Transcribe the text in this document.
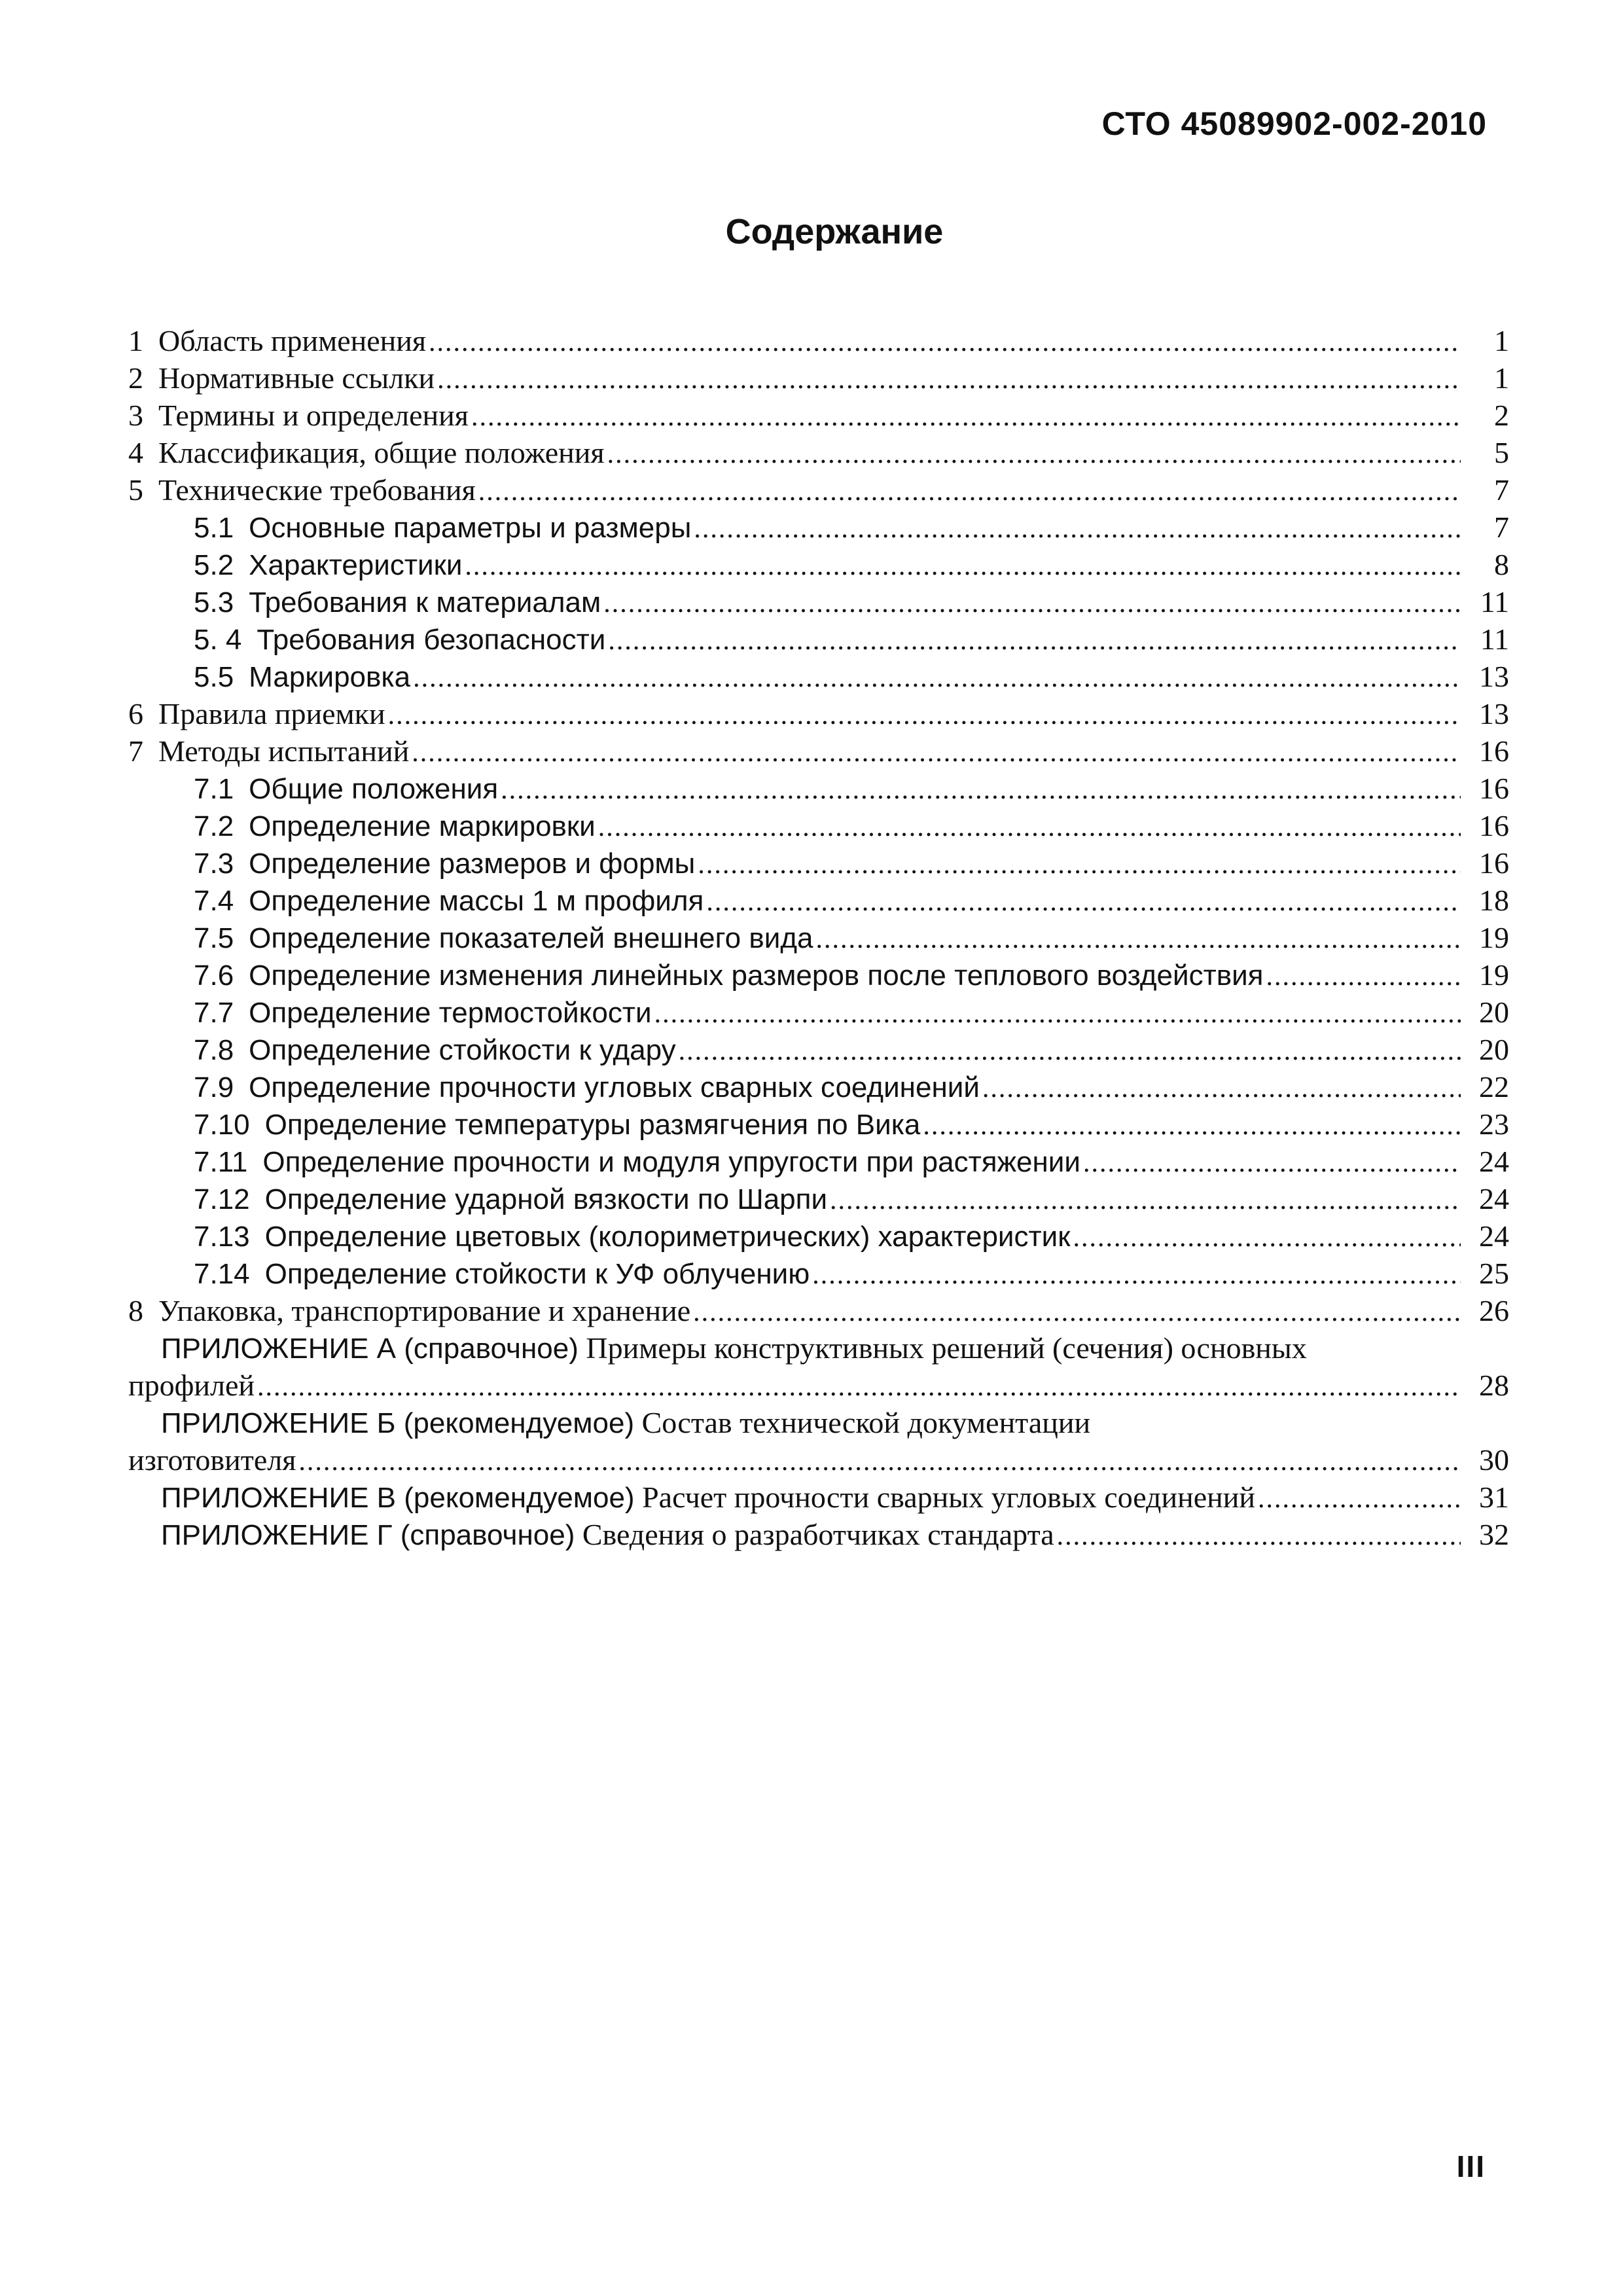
СТО 45089902-002-2010
Содержание
1 Область применения .....	1
2 Нормативные ссылки .....	1
3 Термины и определения .....	2
4 Классификация, общие положения .....	5
5 Технические требования .....	7
5.1 Основные параметры и размеры .....	7
5.2 Характеристики .....	8
5.3 Требования к материалам .....	11
5. 4 Требования безопасности .....	11
5.5 Маркировка .....	13
6 Правила приемки .....	13
7 Методы испытаний .....	16
7.1 Общие положения .....	16
7.2 Определение маркировки .....	16
7.3 Определение размеров и формы .....	16
7.4 Определение массы 1 м профиля .....	18
7.5 Определение показателей внешнего вида .....	19
7.6 Определение изменения линейных размеров после теплового воздействия .....	19
7.7 Определение термостойкости .....	20
7.8 Определение стойкости к удару .....	20
7.9 Определение прочности угловых сварных соединений .....	22
7.10 Определение температуры размягчения по Вика .....	23
7.11 Определение прочности и модуля упругости при растяжении .....	24
7.12 Определение ударной вязкости по Шарпи .....	24
7.13 Определение цветовых (колориметрических) характеристик .....	24
7.14 Определение стойкости к УФ облучению .....	25
8 Упаковка, транспортирование и хранение .....	26
ПРИЛОЖЕНИЕ А (справочное) Примеры конструктивных решений (сечения) основных
профилей .....	28
ПРИЛОЖЕНИЕ Б (рекомендуемое) Состав технической документации
изготовителя .....	30
ПРИЛОЖЕНИЕ В (рекомендуемое) Расчет прочности сварных угловых соединений .....	31
ПРИЛОЖЕНИЕ Г (справочное) Сведения о разработчиках стандарта .....	32
III
